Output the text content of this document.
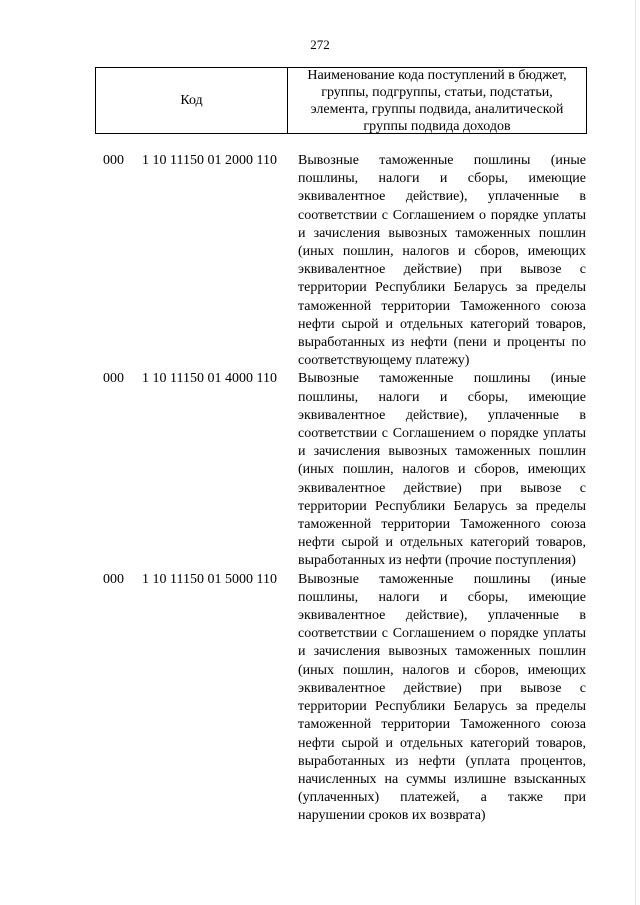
272
Код
Наименование кода поступлений в бюджет, группы, подгруппы, статьи, подстатьи, элемента, группы подвида, аналитической группы подвида доходов
000 1 10 11150 01 2000 110 Вывозные таможенные пошлины (иные пошлины, налоги и сборы, имеющие эквивалентное действие), уплаченные в соответствии с Соглашением о порядке уплаты и зачисления вывозных таможенных пошлин (иных пошлин, налогов и сборов, имеющих эквивалентное действие) при вывозе с территории Республики Беларусь за пределы таможенной территории Таможенного союза нефти сырой и отдельных категорий товаров, выработанных из нефти (пени и проценты по соответствующему платежу)
000 1 10 11150 01 4000 110 Вывозные таможенные пошлины (иные пошлины, налоги и сборы, имеющие эквивалентное действие), уплаченные в соответствии с Соглашением о порядке уплаты и зачисления вывозных таможенных пошлин (иных пошлин, налогов и сборов, имеющих эквивалентное действие) при вывозе с территории Республики Беларусь за пределы таможенной территории Таможенного союза нефти сырой и отдельных категорий товаров, выработанных из нефти (прочие поступления)
000 1 10 11150 01 5000 110 Вывозные таможенные пошлины (иные пошлины, налоги и сборы, имеющие эквивалентное действие), уплаченные в соответствии с Соглашением о порядке уплаты и зачисления вывозных таможенных пошлин (иных пошлин, налогов и сборов, имеющих эквивалентное действие) при вывозе с территории Республики Беларусь за пределы таможенной территории Таможенного союза нефти сырой и отдельных категорий товаров, выработанных из нефти (уплата процентов, начисленных на суммы излишне взысканных (уплаченных) платежей, а также при нарушении сроков их возврата)
